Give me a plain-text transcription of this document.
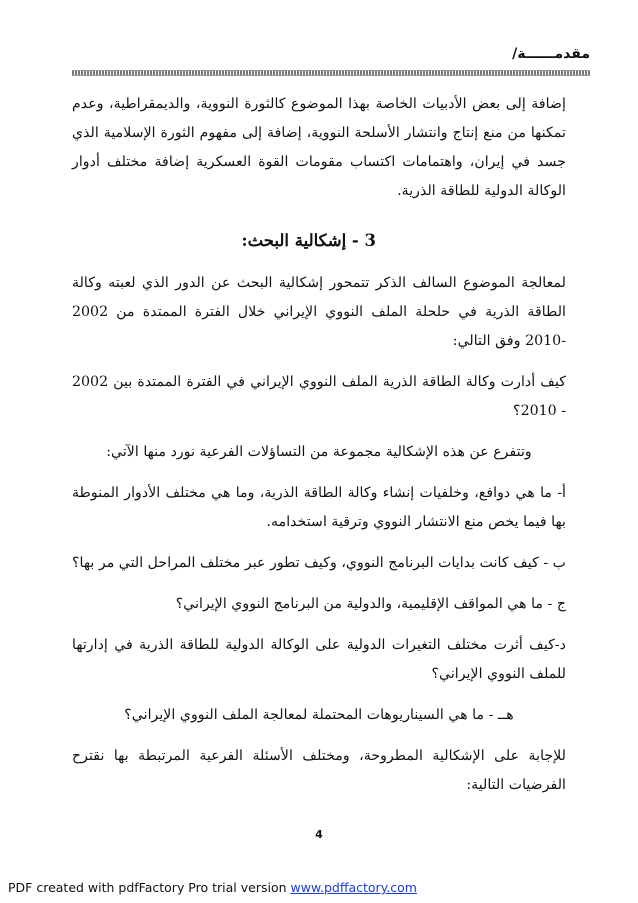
مقدمــــــة/

إضافة إلى بعض الأدبيات الخاصة بهذا الموضوع كالثورة النووية، والديمقراطية، وعدم تمكنها من منع إنتاج وانتشار الأسلحة النووية، إضافة إلى مفهوم الثورة الإسلامية الذي جسد في إيران، واهتمامات اكتساب مقومات القوة العسكرية إضافة مختلف أدوار الوكالة الدولية للطاقة الذرية.

3 - إشكالية البحث:

لمعالجة الموضوع السالف الذكر تتمحور إشكالية البحث عن الدور الذي لعبته وكالة الطاقة الذرية في حلحلة الملف النووي الإيراني خلال الفترة الممتدة من 2002 -2010 وفق التالي:

كيف أدارت وكالة الطاقة الذرية الملف النووي الإيراني في الفترة الممتدة بين 2002 - 2010؟

وتتفرع عن هذه الإشكالية مجموعة من التساؤلات الفرعية نورد منها الآتي:

أ- ما هي دوافع، وخلفيات إنشاء وكالة الطاقة الذرية، وما هي مختلف الأدوار المنوطة بها فيما يخص منع الانتشار النووي وترقية استخدامه.

ب - كيف كانت بدايات البرنامج النووي، وكيف تطور عبر مختلف المراحل التي مر بها؟

ج - ما هي المواقف الإقليمية، والدولية من البرنامج النووي الإيراني؟

د-كيف أثرت مختلف التغيرات الدولية على الوكالة الدولية للطاقة الذرية في إدارتها للملف النووي الإيراني؟

هــ - ما هي السيناريوهات المحتملة لمعالجة الملف النووي الإيراني؟

للإجابة على الإشكالية المطروحة، ومختلف الأسئلة الفرعية المرتبطة بها نقترح الفرضيات التالية:

4
PDF created with pdfFactory Pro trial version www.pdffactory.com
